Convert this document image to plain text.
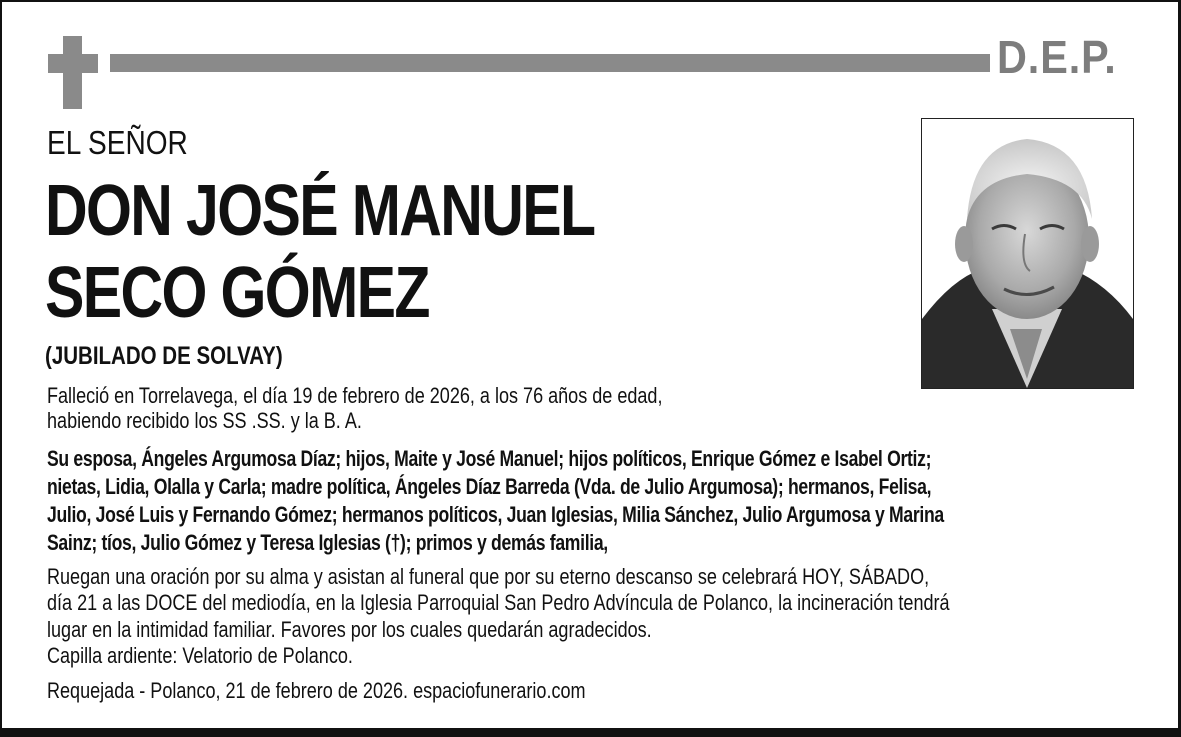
D.E.P.
EL SEÑOR
DON JOSÉ MANUEL
SECO GÓMEZ
(JUBILADO DE SOLVAY)
Falleció en Torrelavega, el día 19 de febrero de 2026, a los 76 años de edad,
habiendo recibido los SS .SS. y la B. A.
Su esposa, Ángeles Argumosa Díaz; hijos, Maite y José Manuel; hijos políticos, Enrique Gómez e Isabel Ortiz;
nietas, Lidia, Olalla y Carla; madre política, Ángeles Díaz Barreda (Vda. de Julio Argumosa); hermanos, Felisa,
Julio, José Luis y Fernando Gómez; hermanos políticos, Juan Iglesias, Milia Sánchez, Julio Argumosa y Marina
Sainz; tíos, Julio Gómez y Teresa Iglesias (†); primos y demás familia,
Ruegan una oración por su alma y asistan al funeral que por su eterno descanso se celebrará HOY, SÁBADO,
día 21 a las DOCE del mediodía, en la Iglesia Parroquial San Pedro Advíncula de Polanco, la incineración tendrá
lugar en la intimidad familiar. Favores por los cuales quedarán agradecidos.
Capilla ardiente: Velatorio de Polanco.
Requejada - Polanco, 21 de febrero de 2026. espaciofunerario.com
